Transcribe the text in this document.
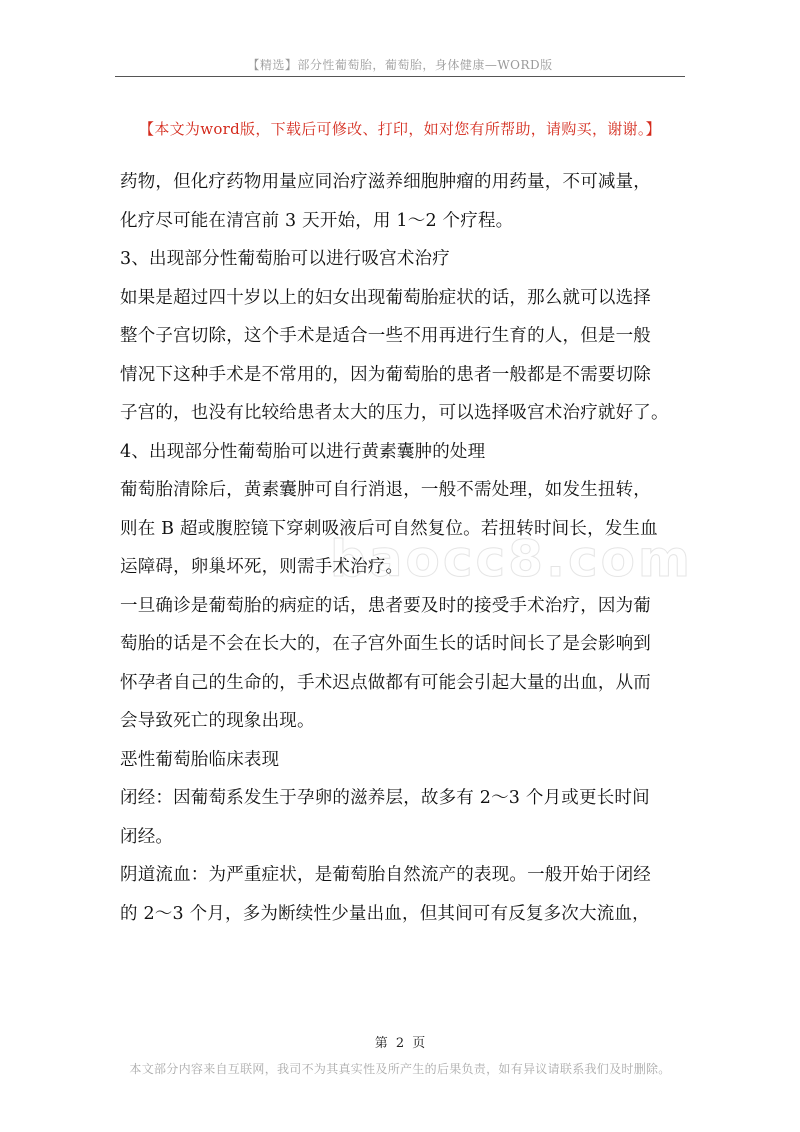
【精选】部分性葡萄胎，葡萄胎，身体健康—WORD版
【本文为word版，下载后可修改、打印，如对您有所帮助，请购买，谢谢。】
baocc8.com
药物，但化疗药物用量应同治疗滋养细胞肿瘤的用药量，不可减量，
化疗尽可能在清宫前 3 天开始，用 1～2 个疗程。
3、出现部分性葡萄胎可以进行吸宫术治疗
如果是超过四十岁以上的妇女出现葡萄胎症状的话，那么就可以选择
整个子宫切除，这个手术是适合一些不用再进行生育的人，但是一般
情况下这种手术是不常用的，因为葡萄胎的患者一般都是不需要切除
子宫的，也没有比较给患者太大的压力，可以选择吸宫术治疗就好了。
4、出现部分性葡萄胎可以进行黄素囊肿的处理
葡萄胎清除后，黄素囊肿可自行消退，一般不需处理，如发生扭转，
则在 B 超或腹腔镜下穿刺吸液后可自然复位。若扭转时间长，发生血
运障碍，卵巢坏死，则需手术治疗。
一旦确诊是葡萄胎的病症的话，患者要及时的接受手术治疗，因为葡
萄胎的话是不会在长大的，在子宫外面生长的话时间长了是会影响到
怀孕者自己的生命的，手术迟点做都有可能会引起大量的出血，从而
会导致死亡的现象出现。
恶性葡萄胎临床表现
闭经：因葡萄系发生于孕卵的滋养层，故多有 2～3 个月或更长时间
闭经。
阴道流血：为严重症状，是葡萄胎自然流产的表现。一般开始于闭经
的 2～3 个月，多为断续性少量出血，但其间可有反复多次大流血，
第 2 页
本文部分内容来自互联网，我司不为其真实性及所产生的后果负责，如有异议请联系我们及时删除。
